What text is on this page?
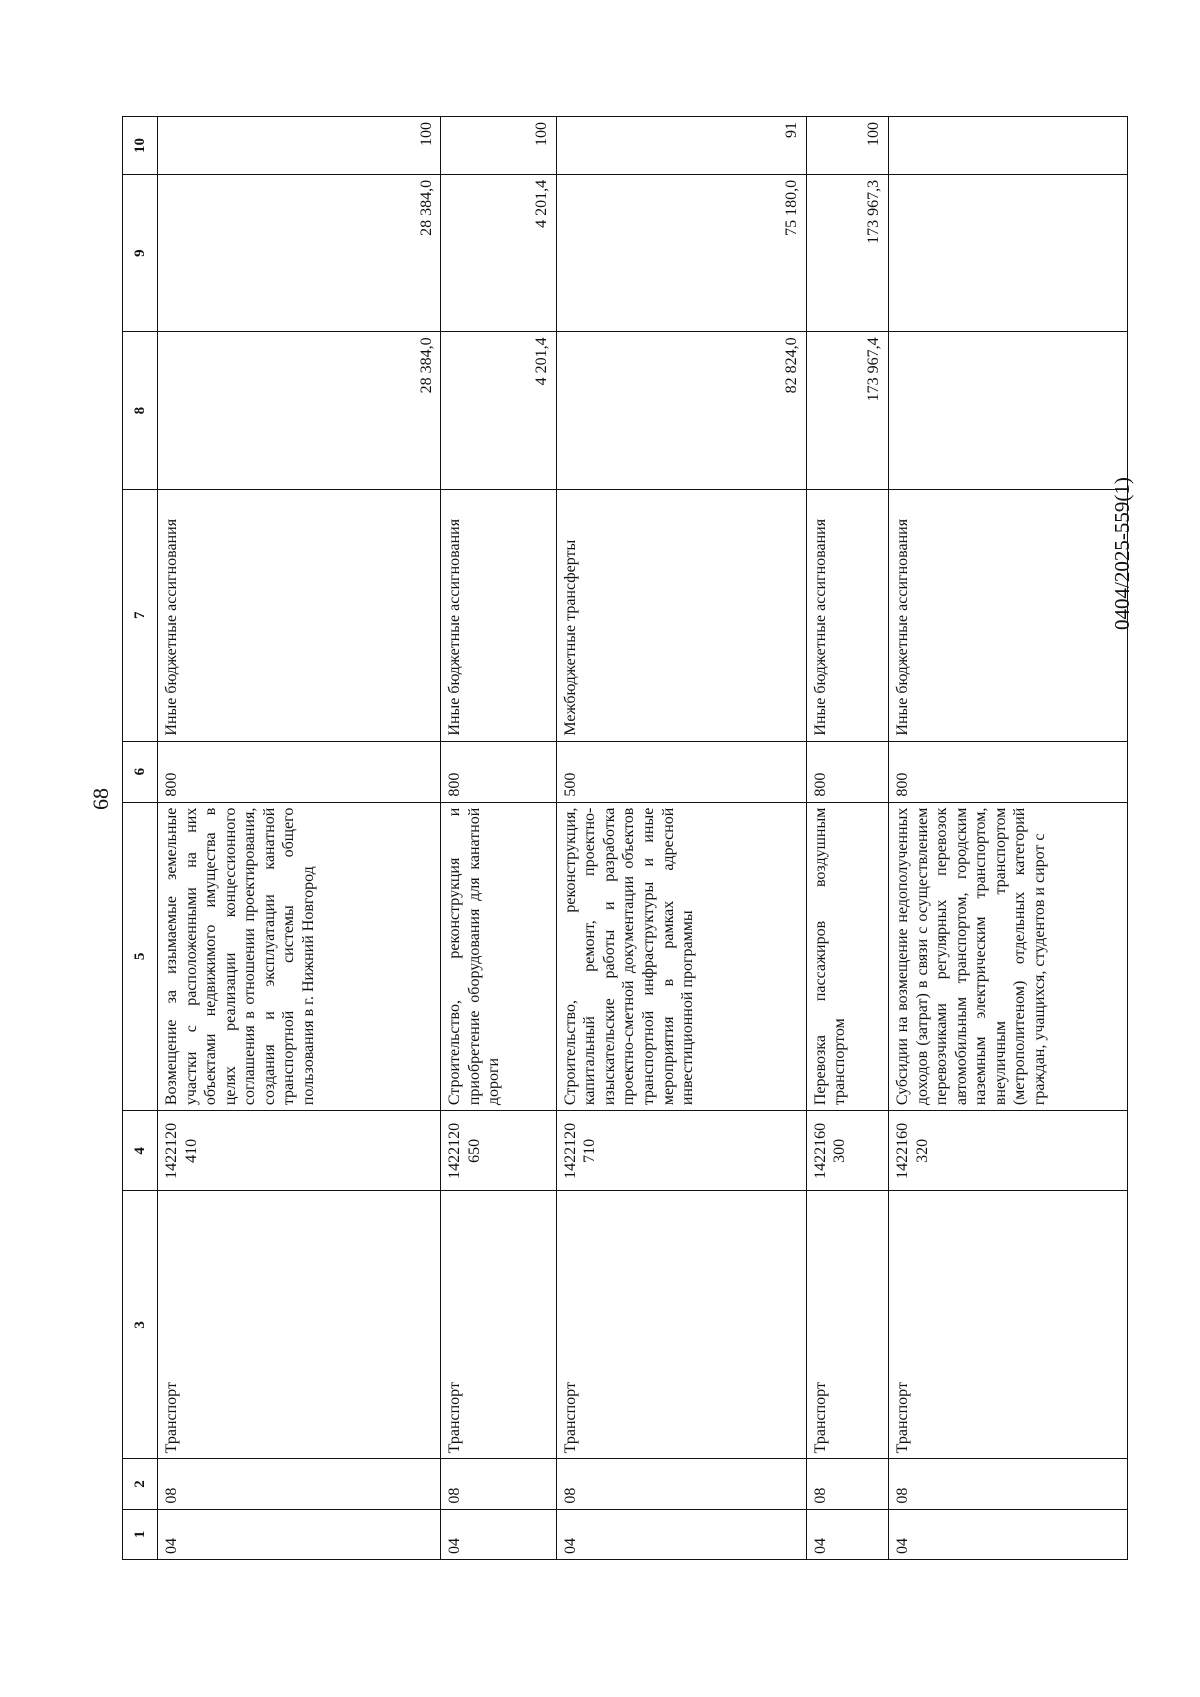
68
0404/2025-559(1)
1	2	3	4	5	6	7	8	9	10
04	08	Транспорт	1422120 410	Возмещение за изымаемые земельные участки с расположенными на них объектами недвижимого имущества в целях реализации концессионного соглашения в отношении проектирования, создания и эксплуатации канатной транспортной системы общего пользования в г. Нижний Новгород	800	Иные бюджетные ассигнования	28 384,0	28 384,0	100
04	08	Транспорт	1422120 650	Строительство, реконструкция и приобретение оборудования для канатной дороги	800	Иные бюджетные ассигнования	4 201,4	4 201,4	100
04	08	Транспорт	1422120 710	Строительство, реконструкция, капитальный ремонт, проектно-изыскательские работы и разработка проектно-сметной документации объектов транспортной инфраструктуры и иные мероприятия в рамках адресной инвестиционной программы	500	Межбюджетные трансферты	82 824,0	75 180,0	91
04	08	Транспорт	1422160 300	Перевозка пассажиров воздушным транспортом	800	Иные бюджетные ассигнования	173 967,4	173 967,3	100
04	08	Транспорт	1422160 320	Субсидии на возмещение недополученных доходов (затрат) в связи с осуществлением перевозчиками регулярных перевозок автомобильным транспортом, городским наземным электрическим транспортом, внеуличным транспортом (метрополитеном) отдельных категорий граждан, учащихся, студентов и сирот с	800	Иные бюджетные ассигнования			
